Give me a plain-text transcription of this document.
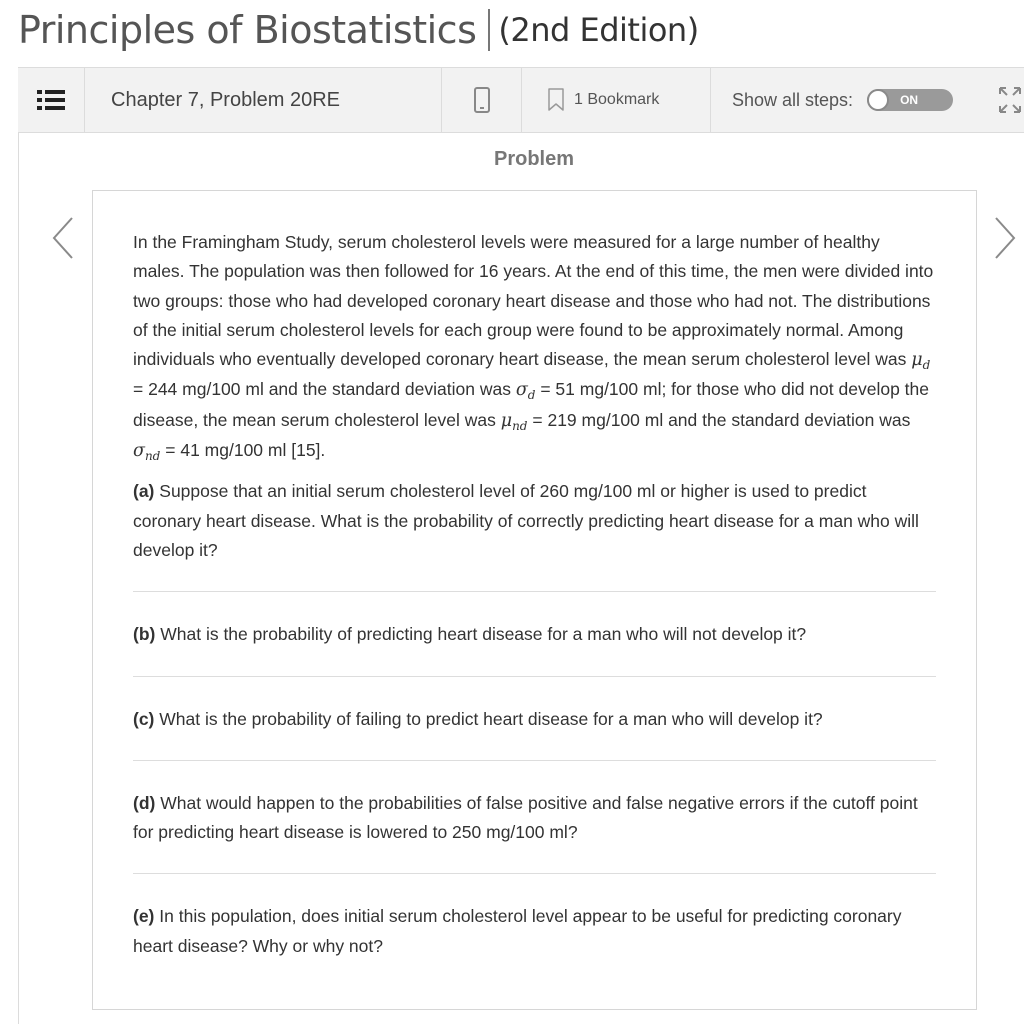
Principles of Biostatistics (2nd Edition)
Chapter 7, Problem 20RE	1 Bookmark	Show all steps:	ON
Problem

In the Framingham Study, serum cholesterol levels were measured for a large number of healthy males. The population was then followed for 16 years. At the end of this time, the men were divided into two groups: those who had developed coronary heart disease and those who had not. The distributions of the initial serum cholesterol levels for each group were found to be approximately normal. Among individuals who eventually developed coronary heart disease, the mean serum cholesterol level was $\mu_d = 244$ mg/100 ml and the standard deviation was $\sigma_d = 51$ mg/100 ml; for those who did not develop the disease, the mean serum cholesterol level was $\mu_{nd} = 219$ mg/100 ml and the standard deviation was $\sigma_{nd} = 41$ mg/100 ml [15].

(a) Suppose that an initial serum cholesterol level of 260 mg/100 ml or higher is used to predict coronary heart disease. What is the probability of correctly predicting heart disease for a man who will develop it?

(b) What is the probability of predicting heart disease for a man who will not develop it?

(c) What is the probability of failing to predict heart disease for a man who will develop it?

(d) What would happen to the probabilities of false positive and false negative errors if the cutoff point for predicting heart disease is lowered to 250 mg/100 ml?

(e) In this population, does initial serum cholesterol level appear to be useful for predicting coronary heart disease? Why or why not?
